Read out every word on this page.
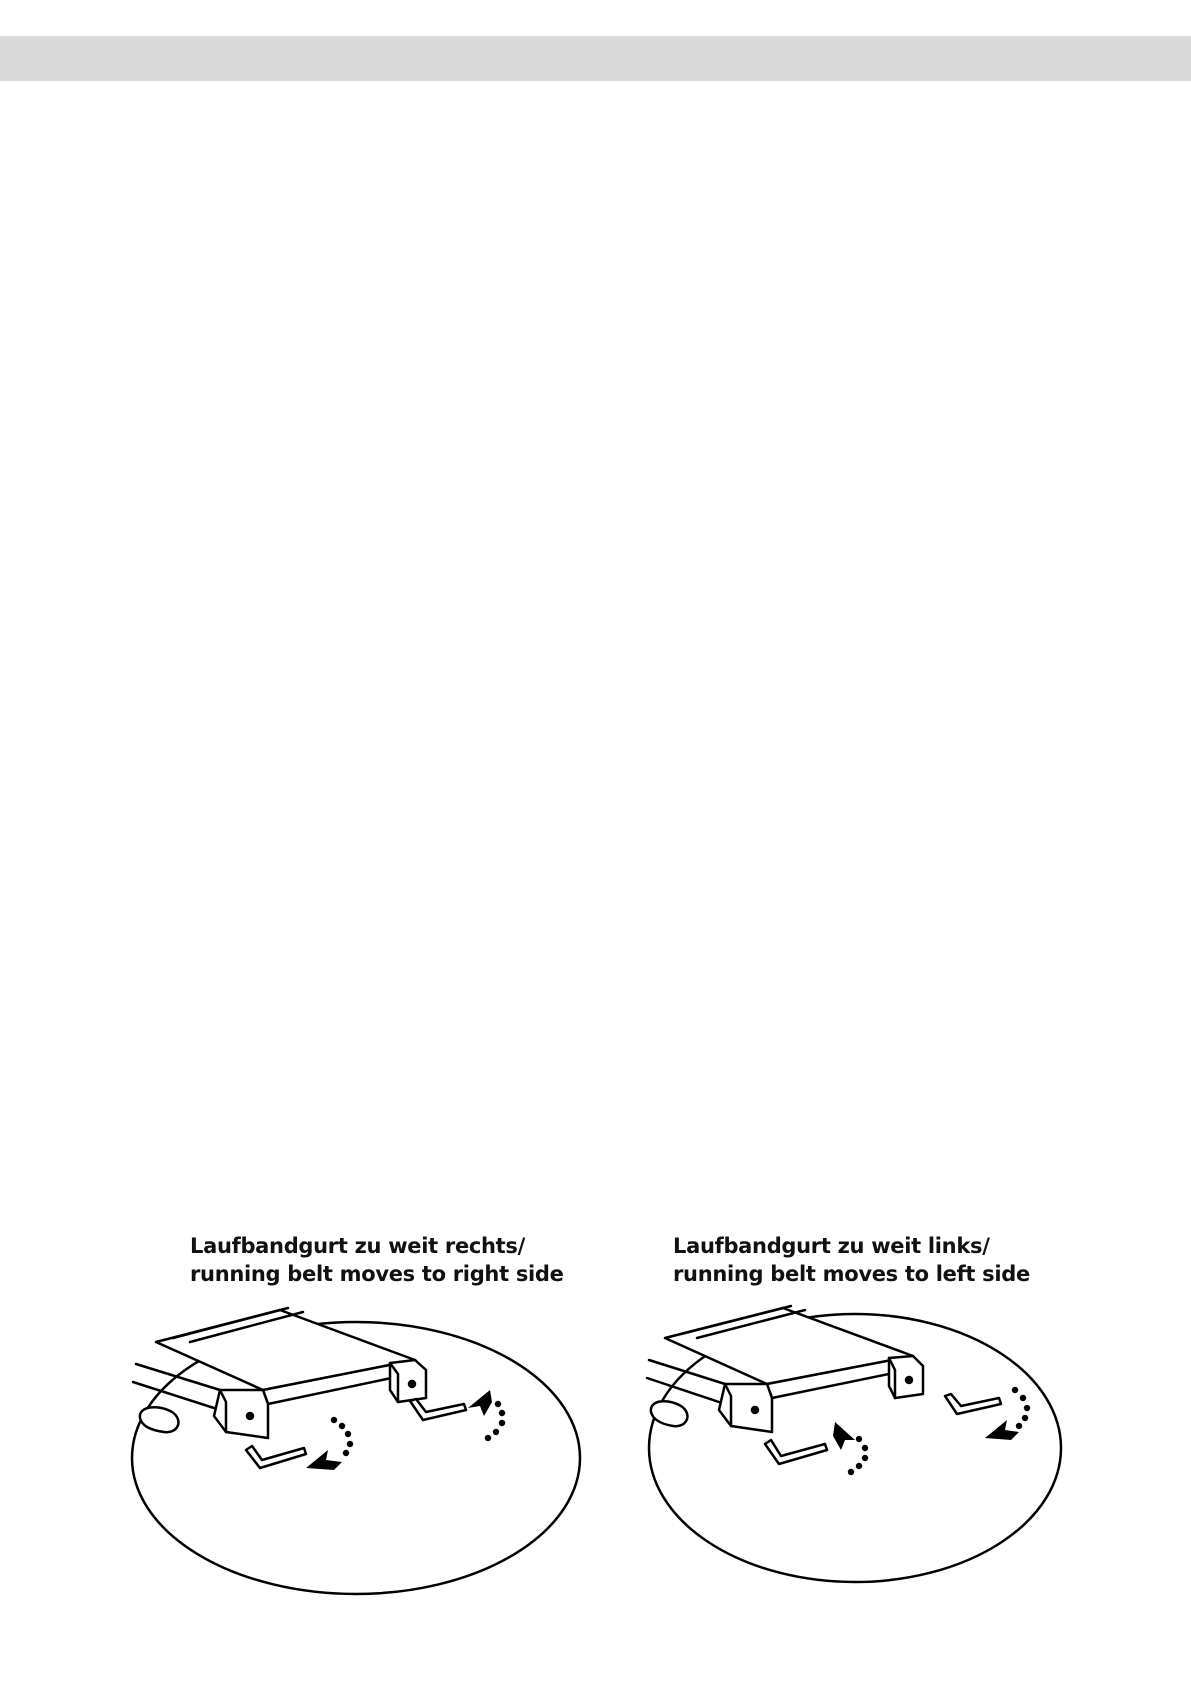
Laufbandgurt zu weit rechts/
running belt moves to right side
Laufbandgurt zu weit links/
running belt moves to left side
